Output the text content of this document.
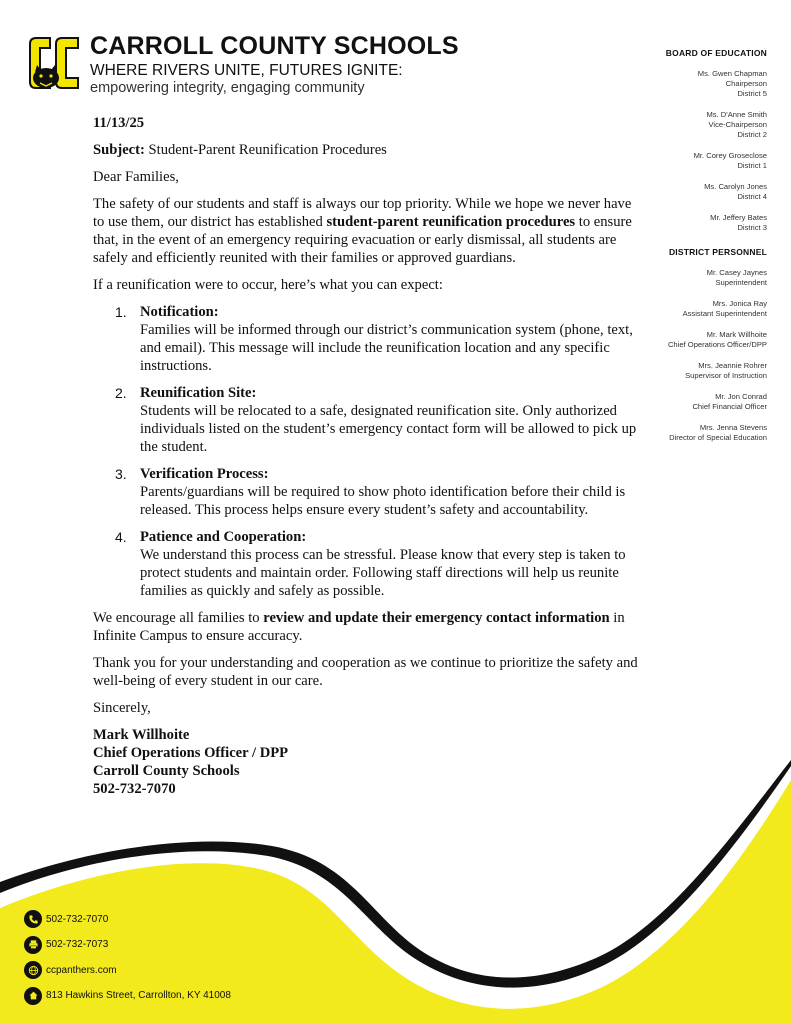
CARROLL COUNTY SCHOOLS
WHERE RIVERS UNITE, FUTURES IGNITE:
empowering integrity, engaging community
BOARD OF EDUCATION
Ms. Gwen Chapman
Chairperson
District 5
Ms. D'Anne Smith
Vice-Chairperson
District 2
Mr. Corey Groseclose
District 1
Ms. Carolyn Jones
District 4
Mr. Jeffery Bates
District 3
DISTRICT PERSONNEL
Mr. Casey Jaynes
Superintendent
Mrs. Jonica Ray
Assistant Superintendent
Mr. Mark Willhoite
Chief Operations Officer/DPP
Mrs. Jeannie Rohrer
Supervisor of Instruction
Mr. Jon Conrad
Chief Financial Officer
Mrs. Jenna Stevens
Director of Special Education

11/13/25

Subject: Student-Parent Reunification Procedures

Dear Families,

The safety of our students and staff is always our top priority. While we hope we never have to use them, our district has established student-parent reunification procedures to ensure that, in the event of an emergency requiring evacuation or early dismissal, all students are safely and efficiently reunited with their families or approved guardians.

If a reunification were to occur, here’s what you can expect:

1. Notification:
Families will be informed through our district’s communication system (phone, text, and email). This message will include the reunification location and any specific instructions.
2. Reunification Site:
Students will be relocated to a safe, designated reunification site. Only authorized individuals listed on the student’s emergency contact form will be allowed to pick up the student.
3. Verification Process:
Parents/guardians will be required to show photo identification before their child is released. This process helps ensure every student’s safety and accountability.
4. Patience and Cooperation:
We understand this process can be stressful. Please know that every step is taken to protect students and maintain order. Following staff directions will help us reunite families as quickly and safely as possible.

We encourage all families to review and update their emergency contact information in Infinite Campus to ensure accuracy.

Thank you for your understanding and cooperation as we continue to prioritize the safety and well-being of every student in our care.

Sincerely,

Mark Willhoite
Chief Operations Officer / DPP
Carroll County Schools
502-732-7070
502-732-7070
502-732-7073
ccpanthers.com
813 Hawkins Street, Carrollton, KY 41008
